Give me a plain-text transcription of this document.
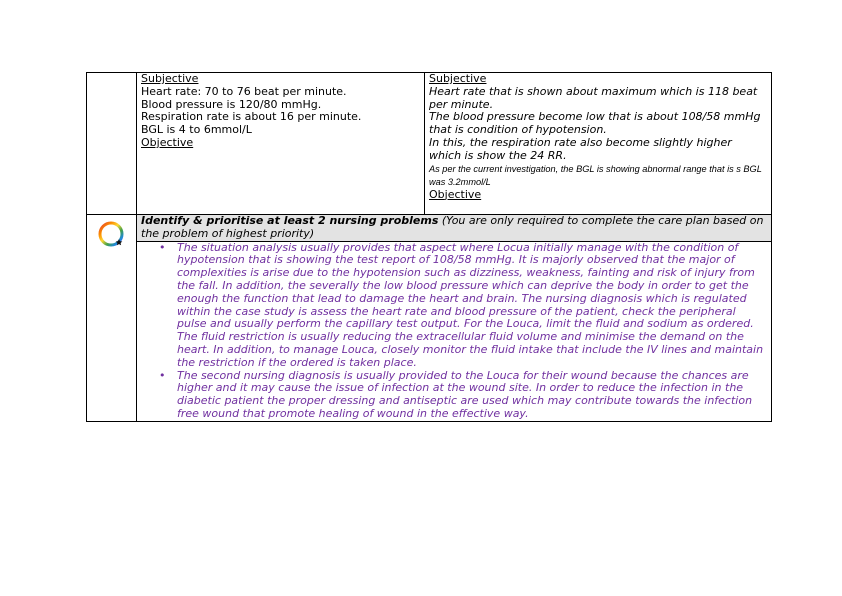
Subjective
Heart rate: 70 to 76 beat per minute.
Blood pressure is 120/80 mmHg.
Respiration rate is about 16 per minute.
BGL is 4 to 6mmol/L
Objective

Subjective
Heart rate that is shown about maximum which is 118 beat per minute.
The blood pressure become low that is about 108/58 mmHg that is condition of hypotension.
In this, the respiration rate also become slightly higher which is show the 24 RR.
As per the current investigation, the BGL is showing abnormal range that is s BGL was 3.2mmol/L
Objective

Identify & prioritise at least 2 nursing problems (You are only required to complete the care plan based on the problem of highest priority)
• The situation analysis usually provides that aspect where Locua initially manage with the condition of hypotension that is showing the test report of 108/58 mmHg. It is majorly observed that the major of complexities is arise due to the hypotension such as dizziness, weakness, fainting and risk of injury from the fall. In addition, the severally the low blood pressure which can deprive the body in order to get the enough the function that lead to damage the heart and brain. The nursing diagnosis which is regulated within the case study is assess the heart rate and blood pressure of the patient, check the peripheral pulse and usually perform the capillary test output. For the Louca, limit the fluid and sodium as ordered. The fluid restriction is usually reducing the extracellular fluid volume and minimise the demand on the heart. In addition, to manage Louca, closely monitor the fluid intake that include the IV lines and maintain the restriction if the ordered is taken place.
• The second nursing diagnosis is usually provided to the Louca for their wound because the chances are higher and it may cause the issue of infection at the wound site. In order to reduce the infection in the diabetic patient the proper dressing and antiseptic are used which may contribute towards the infection free wound that promote healing of wound in the effective way.
